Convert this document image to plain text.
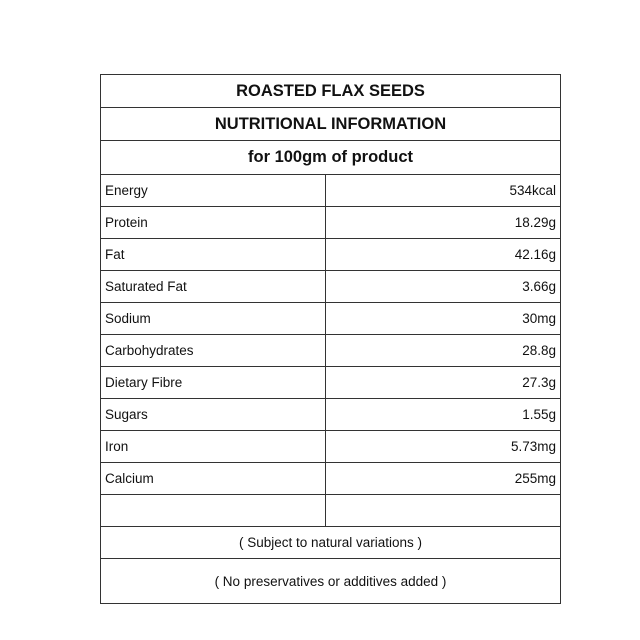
ROASTED FLAX SEEDS	
NUTRITIONAL INFORMATION	
for 100gm of product	
Energy	534kcal
Protein	18.29g
Fat	42.16g
Saturated Fat	3.66g
Sodium	30mg
Carbohydrates	28.8g
Dietary Fibre	27.3g
Sugars	1.55g
Iron	5.73mg
Calcium	255mg

( Subject to natural variations )	
( No preservatives or additives added )	
